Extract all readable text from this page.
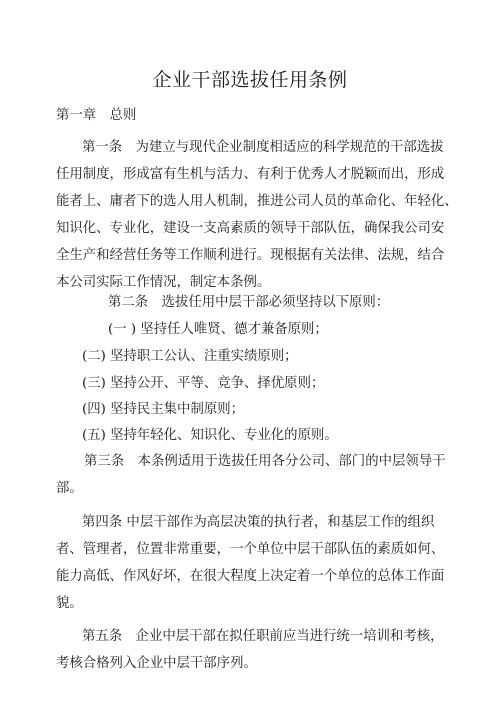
企业干部选拔任用条例
第一章　总则
第一条　为建立与现代企业制度相适应的科学规范的干部选拔
任用制度，形成富有生机与活力、有利于优秀人才脱颖而出，形成
能者上、庸者下的选人用人机制，推进公司人员的革命化、年轻化、
知识化、专业化，建设一支高素质的领导干部队伍，确保我公司安
全生产和经营任务等工作顺利进行。现根据有关法律、法规，结合
本公司实际工作情况，制定本条例。
第二条　选拔任用中层干部必须坚持以下原则：
(一 ) 坚持任人唯贤、德才兼备原则；
(二) 坚持职工公认、注重实绩原则；
(三) 坚持公开、平等、竞争、择优原则；
(四) 坚持民主集中制原则；
(五) 坚持年轻化、知识化、专业化的原则。
第三条　本条例适用于选拔任用各分公司、部门的中层领导干
部。
第四条 中层干部作为高层决策的执行者，和基层工作的组织
者、管理者，位置非常重要，一个单位中层干部队伍的素质如何、
能力高低、作风好坏，在很大程度上决定着一个单位的总体工作面
貌。
第五条　企业中层干部在拟任职前应当进行统一培训和考核，
考核合格列入企业中层干部序列。
